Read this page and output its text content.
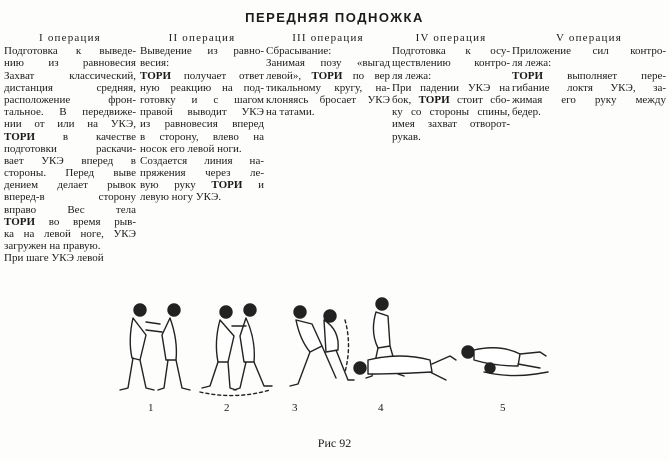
ПЕРЕДНЯЯ ПОДНОЖКА
I операция
Подготовка к выведе-
нию из равновесия
Захват классический,
дистанция средняя,
расположение фрон-
тальное. В передвиже-
нии от или на УКЭ,
ТОРИ в качестве
подготовки раскачи-
вает УКЭ вперед в
стороны. Перед выве
дением делает рывок
вперед-в сторону
вправо Вес тела
ТОРИ во время рыв-
ка на левой ноге, УКЭ
загружен на правую.
При шаге УКЭ левой
II операция
Выведение из равно-
весия:
ТОРИ получает ответ
ную реакцию на под-
готовку и с шагом
правой выводит УКЭ
из равновесия вперед
в сторону, влево на
носок его левой ноги.
Создается линия на-
пряжения через ле-
вую руку ТОРИ и
левую ногу УКЭ.
III операция
Сбрасывание:
Занимая позу «выгад
левой», ТОРИ по вер
тикальному кругу, на-
клоняясь бросает УКЭ
на татами.
IV операция
Подготовка к осу-
ществлению контро-
ля лежа:
При падении УКЭ на
бок, ТОРИ стоит сбо-
ку со стороны спины,
имея захват отворот-
рукав.
V операция
Приложение сил контро-
ля лежа:
ТОРИ выполняет пере-
гибание локтя УКЭ, за-
жимая его руку между
бедер.
1	2	3	4	5
Рис 92
